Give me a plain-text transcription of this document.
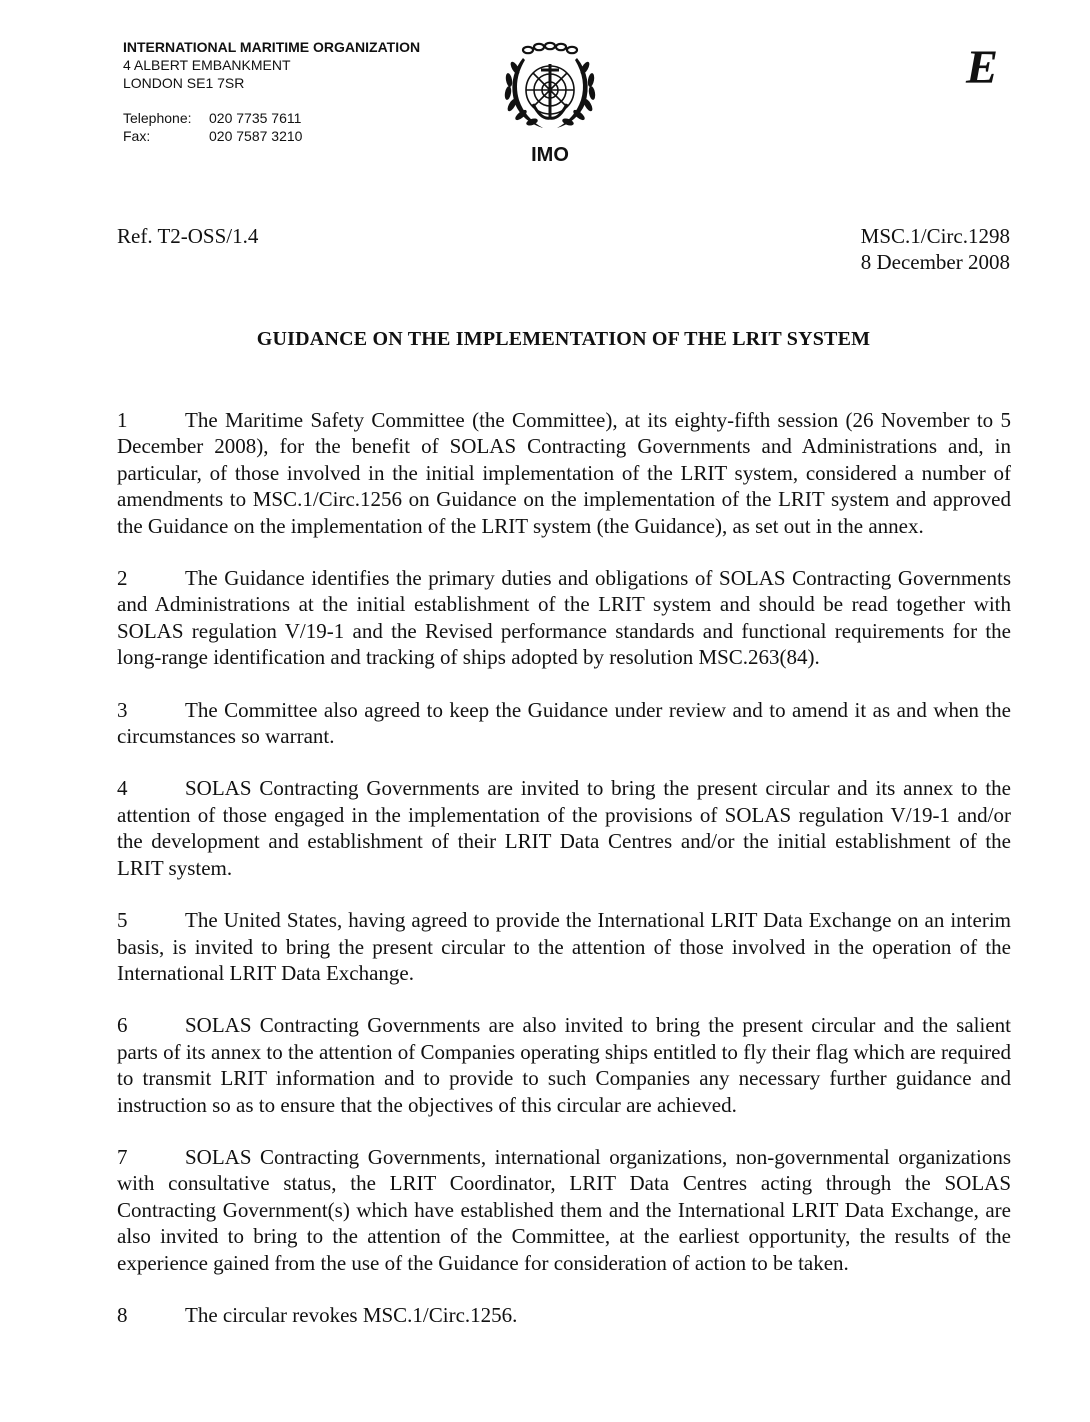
INTERNATIONAL MARITIME ORGANIZATION
4 ALBERT EMBANKMENT
LONDON SE1 7SR
Telephone:	020 7735 7611
Fax:	020 7587 3210
IMO
E
Ref. T2-OSS/1.4	MSC.1/Circ.1298
8 December 2008
GUIDANCE ON THE IMPLEMENTATION OF THE LRIT SYSTEM

1	The Maritime Safety Committee (the Committee), at its eighty-fifth session (26 November to 5 December 2008), for the benefit of SOLAS Contracting Governments and Administrations and, in particular, of those involved in the initial implementation of the LRIT system, considered a number of amendments to MSC.1/Circ.1256 on Guidance on the implementation of the LRIT system and approved the Guidance on the implementation of the LRIT system (the Guidance), as set out in the annex.

2	The Guidance identifies the primary duties and obligations of SOLAS Contracting Governments and Administrations at the initial establishment of the LRIT system and should be read together with SOLAS regulation V/19-1 and the Revised performance standards and functional requirements for the long-range identification and tracking of ships adopted by resolution MSC.263(84).

3	The Committee also agreed to keep the Guidance under review and to amend it as and when the circumstances so warrant.

4	SOLAS Contracting Governments are invited to bring the present circular and its annex to the attention of those engaged in the implementation of the provisions of SOLAS regulation V/19-1 and/or the development and establishment of their LRIT Data Centres and/or the initial establishment of the LRIT system.

5	The United States, having agreed to provide the International LRIT Data Exchange on an interim basis, is invited to bring the present circular to the attention of those involved in the operation of the International LRIT Data Exchange.

6	SOLAS Contracting Governments are also invited to bring the present circular and the salient parts of its annex to the attention of Companies operating ships entitled to fly their flag which are required to transmit LRIT information and to provide to such Companies any necessary further guidance and instruction so as to ensure that the objectives of this circular are achieved.

7	SOLAS Contracting Governments, international organizations, non-governmental organizations with consultative status, the LRIT Coordinator, LRIT Data Centres acting through the SOLAS Contracting Government(s) which have established them and the International LRIT Data Exchange, are also invited to bring to the attention of the Committee, at the earliest opportunity, the results of the experience gained from the use of the Guidance for consideration of action to be taken.

8	The circular revokes MSC.1/Circ.1256.
